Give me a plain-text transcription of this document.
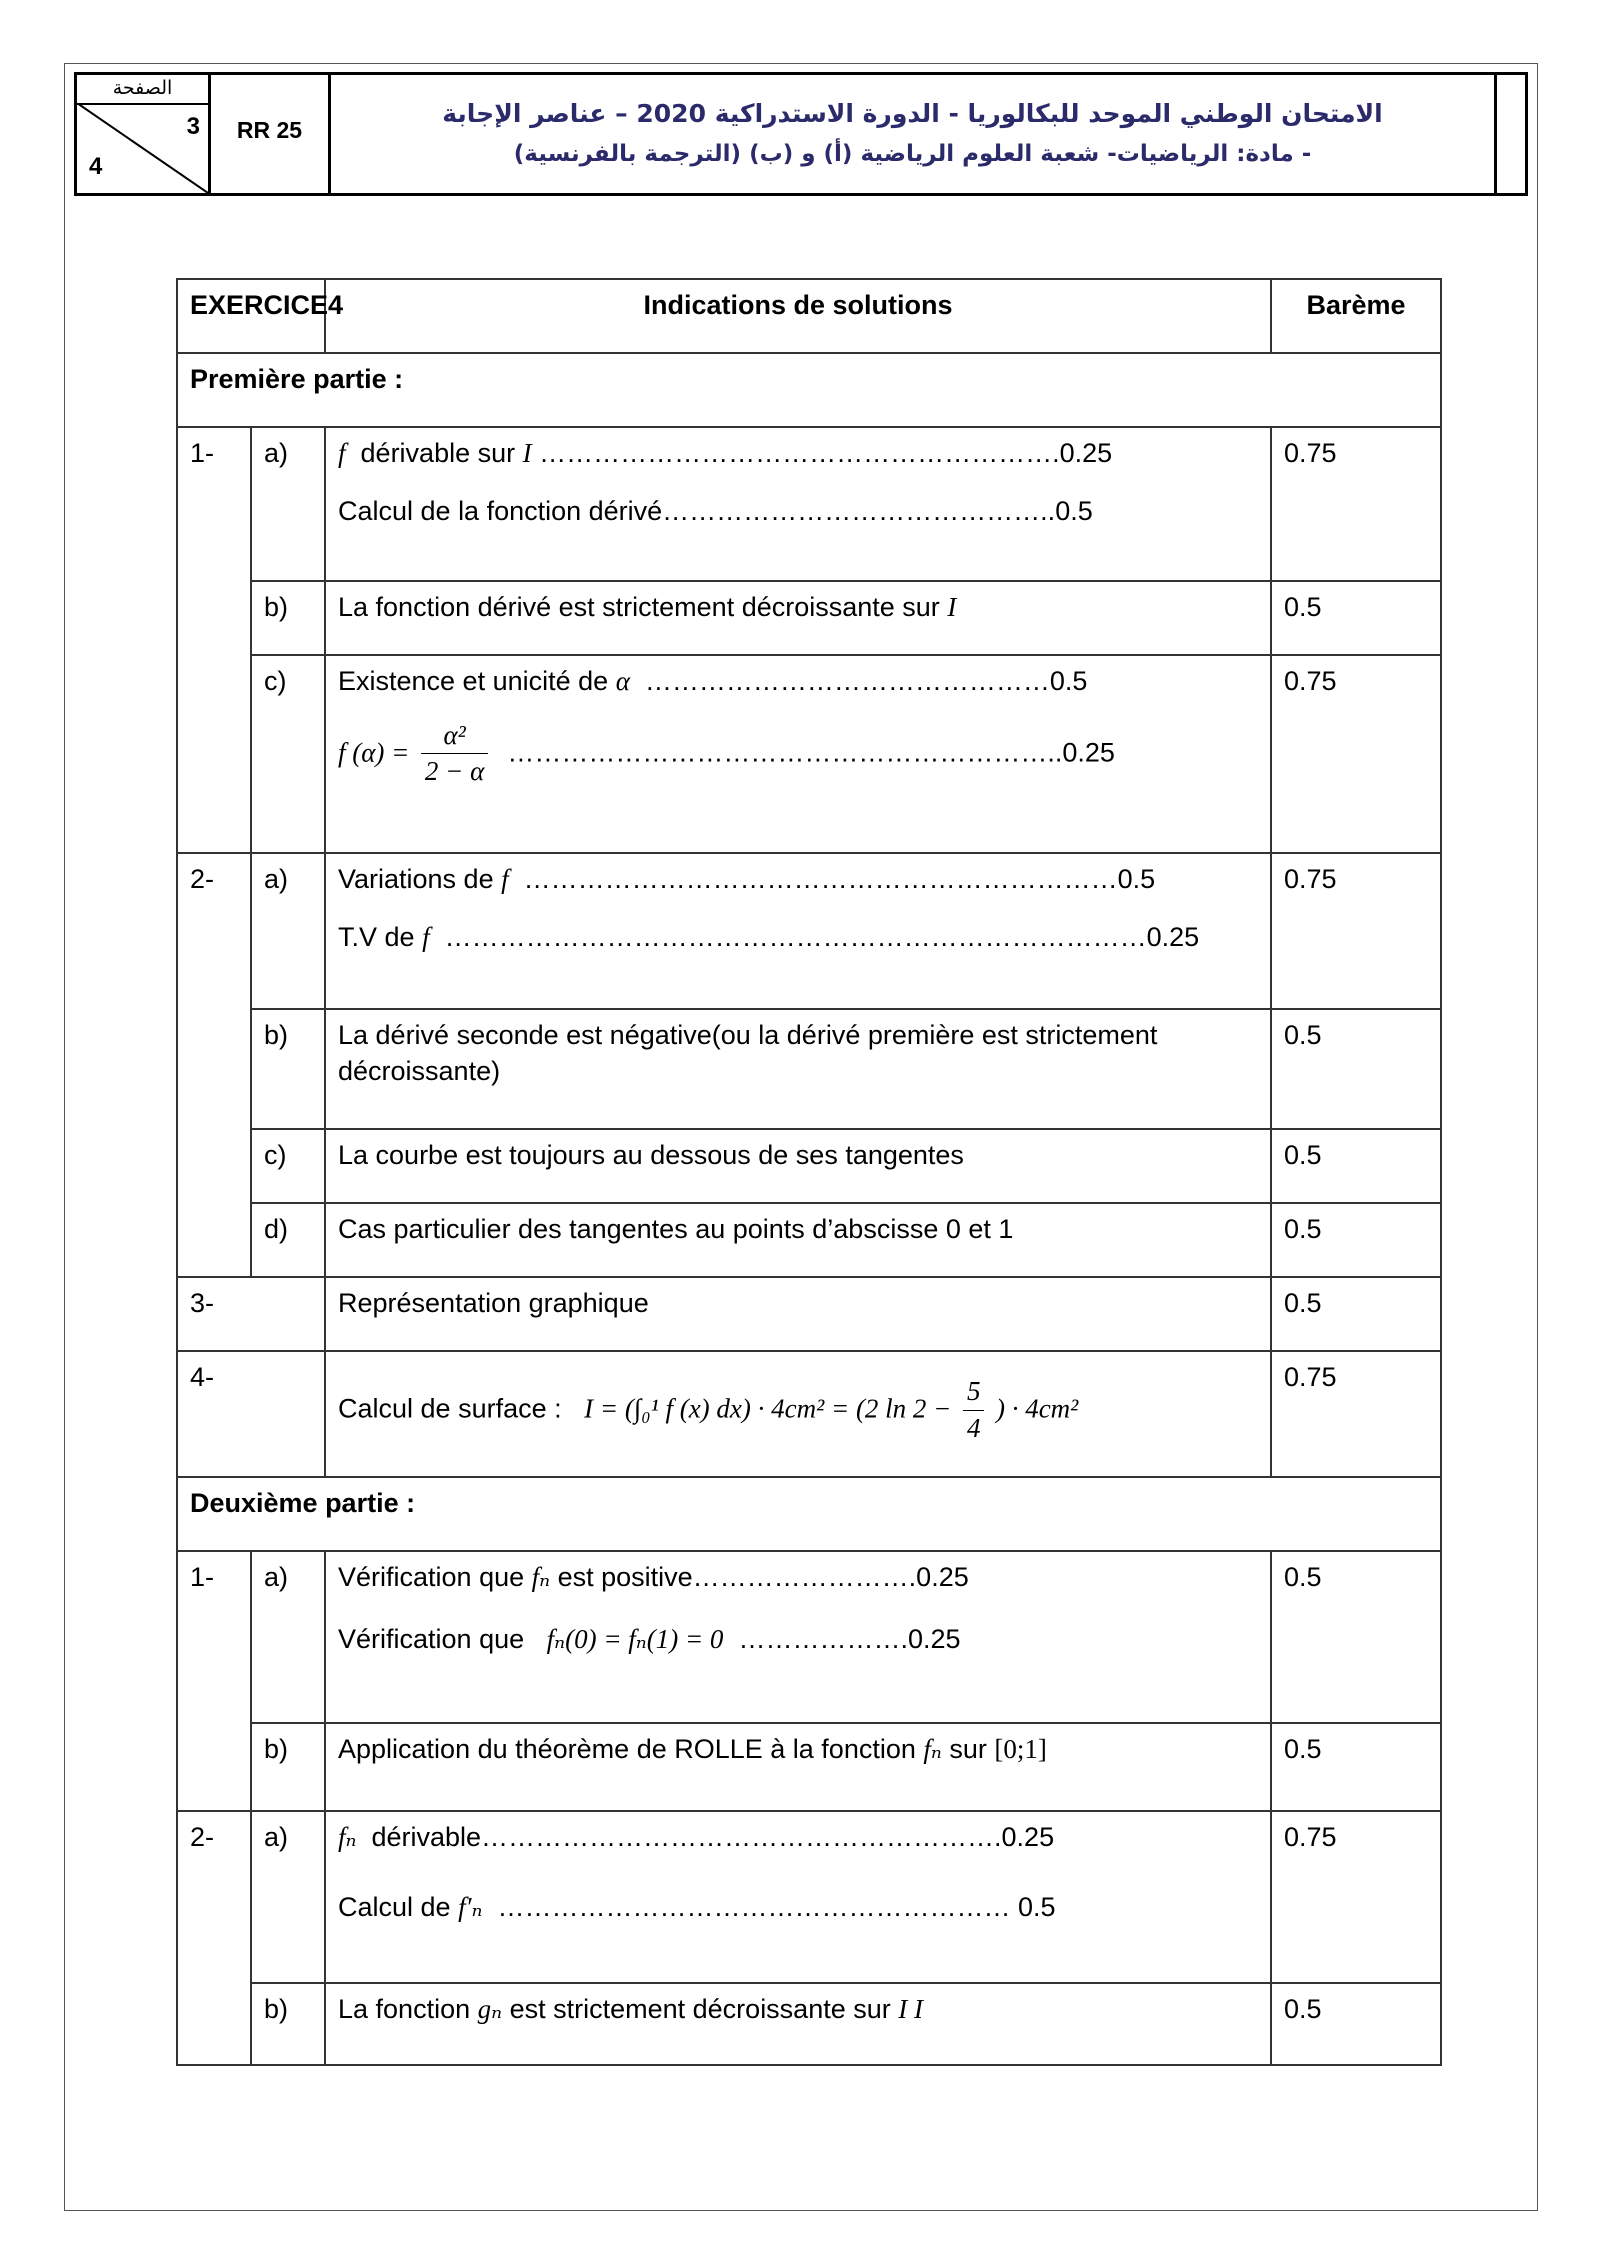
الصفحة
3
4
RR 25
الامتحان الوطني الموحد للبكالوريا - الدورة الاستدراكية 2020 – عناصر الإجابة
- مادة: الرياضيات- شعبة العلوم الرياضية (أ) و (ب) (الترجمة بالفرنسية)
EXERCICE4		Indications de solutions	Barème
Première partie :			
1-	a)	f dérivable sur I ………………………………………………….0.25
Calcul de la fonction dérivé……………………………………..0.5	0.75
	b)	La fonction dérivé est strictement décroissante sur I	0.5
	c)	Existence et unicité de α ………………………………………0.5
f $(\alpha) = \frac{\text{α²}}{2 - \alpha}$ ……………………………………………………..0.25	0.75
2-	a)	Variations de f …………………………………………………………0.5
T.V de f ……………………………………………………………………0.25	0.75
	b)	La dérivé seconde est négative(ou la dérivé première est strictement décroissante)	0.5
	c)	La courbe est toujours au dessous de ses tangentes	0.5
	d)	Cas particulier des tangentes au points d’abscisse 0 et 1	0.5
3-		Représentation graphique	0.5
4-		Calcul de surface : I = (∫₀¹ f (x) dx) · 4cm² = (2 $\ln 2 - \frac{5}{4}$ ) · 4cm²	0.75
Deuxième partie :			
1-	a)	Vérification que fₙ est positive…………………….0.25
Vérification que fₙ(0) = fₙ(1) = 0 ……………….0.25	0.5
	b)	Application du théorème de ROLLE à la fonction fₙ sur [0;1]	0.5
2-	a)	fₙ dérivable………………………………………………….0.25
Calcul de f′ₙ ………………………………………………… 0.5	0.75
	b)	La fonction gₙ est strictement décroissante sur I I	0.5
